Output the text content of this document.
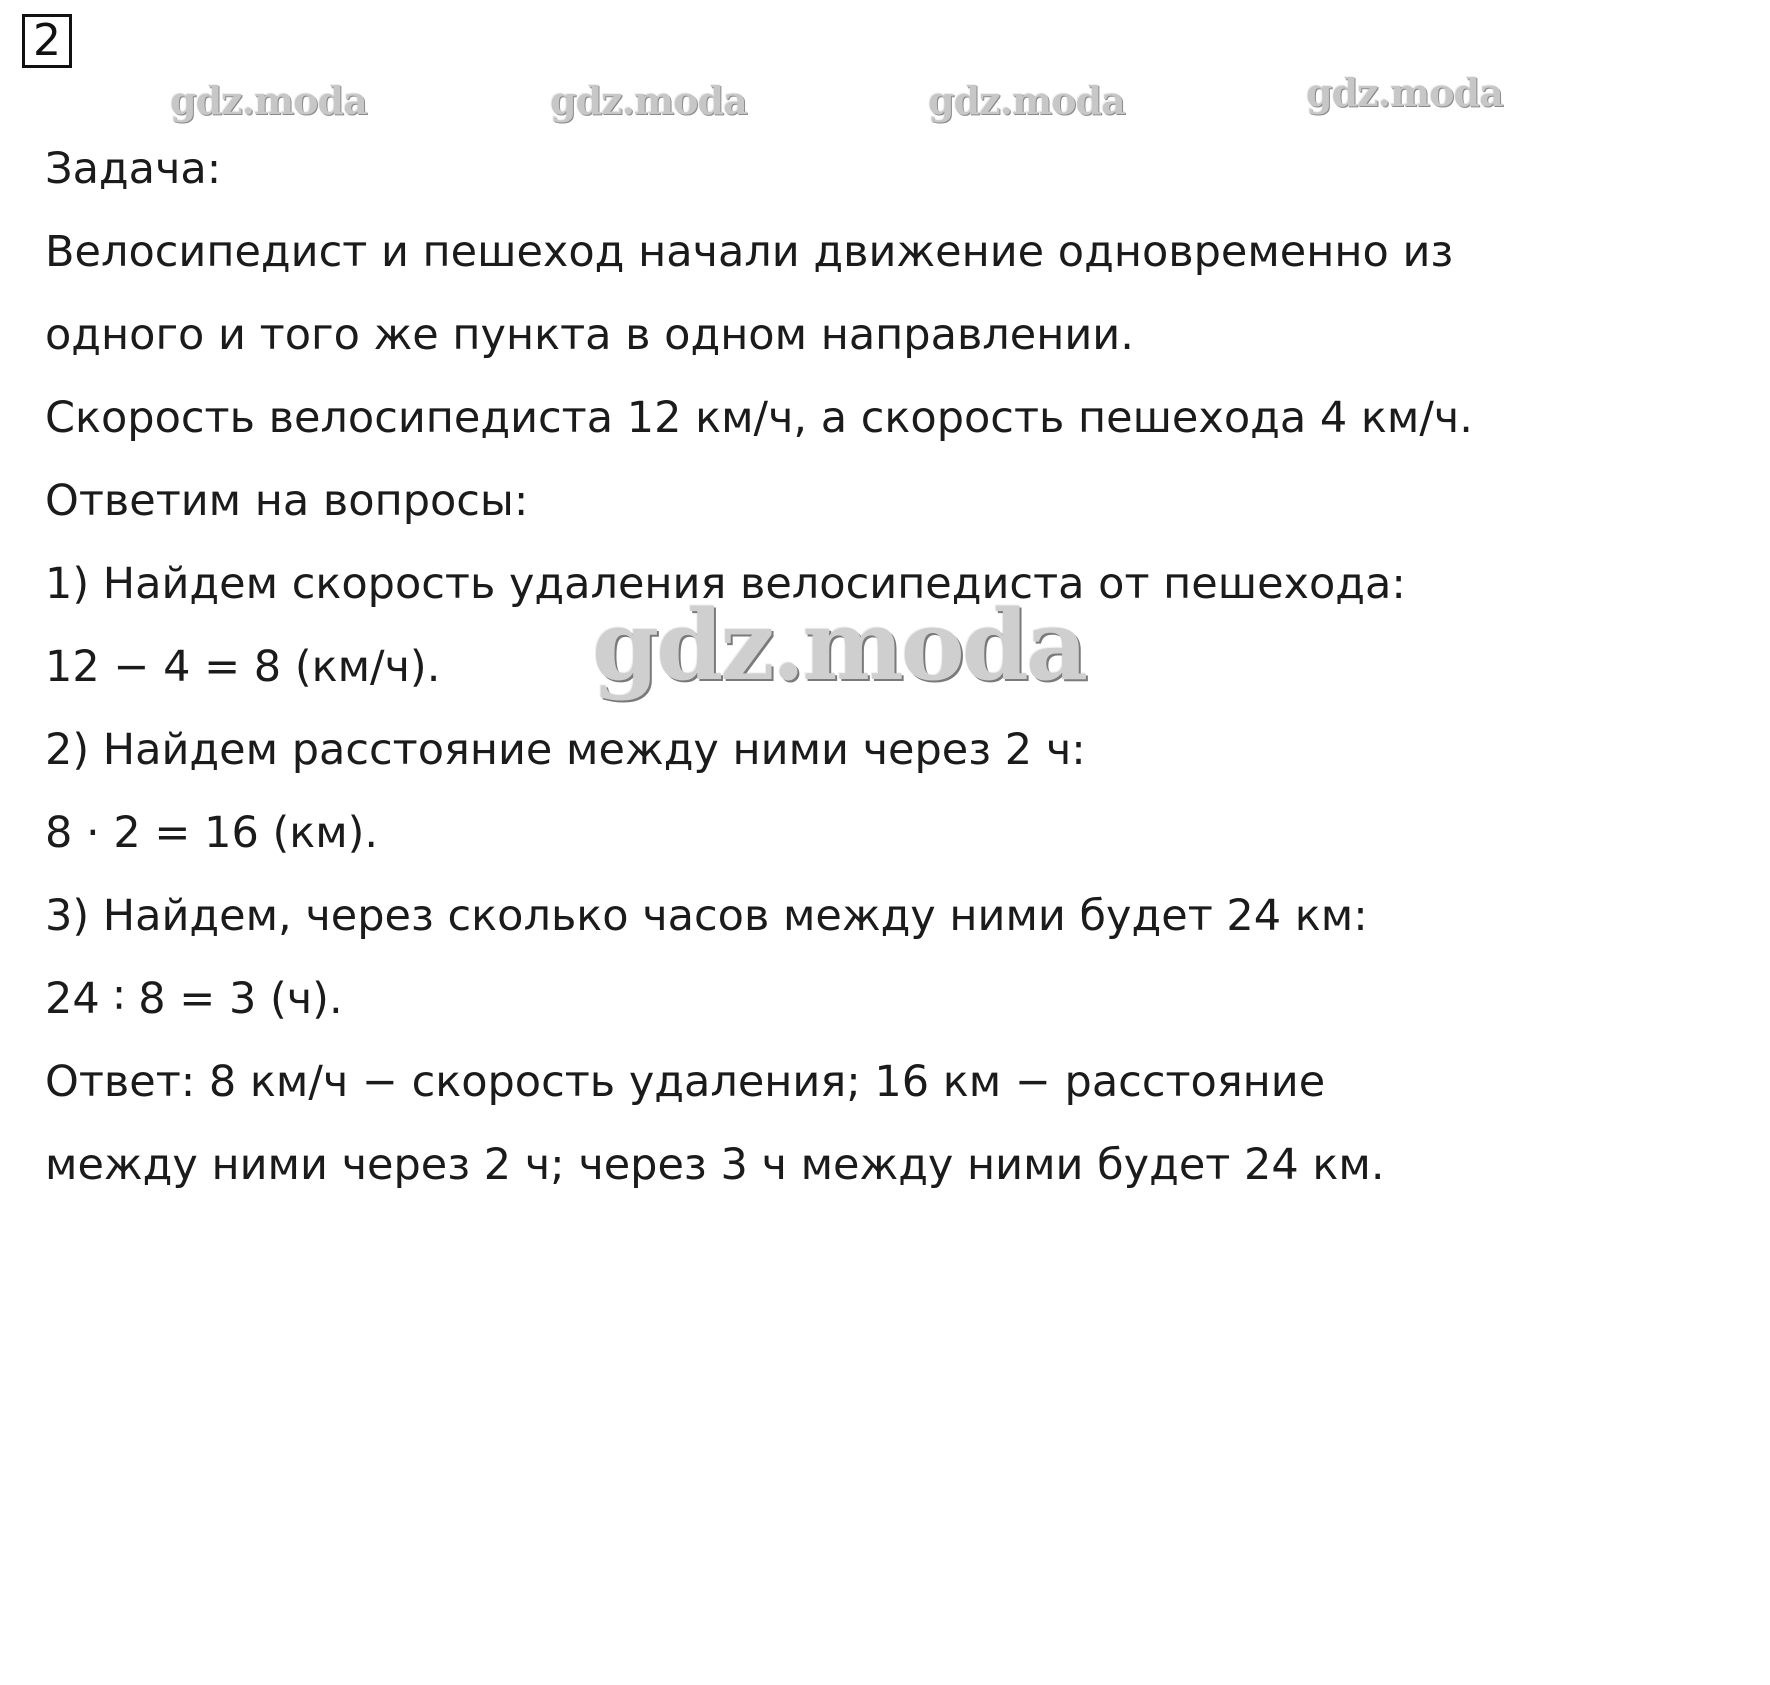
2
gdz.moda	gdz.moda	gdz.moda	gdz.moda
Задача:
Велосипедист и пешеход начали движение одновременно из
одного и того же пункта в одном направлении.
Скорость велосипедиста 12 км/ч, а скорость пешехода 4 км/ч.
Ответим на вопросы:
1) Найдем скорость удаления велосипедиста от пешехода:
12 − 4 = 8 (км/ч).
2) Найдем расстояние между ними через 2 ч:
8 · 2 = 16 (км).
3) Найдем, через сколько часов между ними будет 24 км:
24 ∶ 8 = 3 (ч).
Ответ: 8 км/ч − скорость удаления; 16 км − расстояние
между ними через 2 ч; через 3 ч между ними будет 24 км.
gdz.moda
